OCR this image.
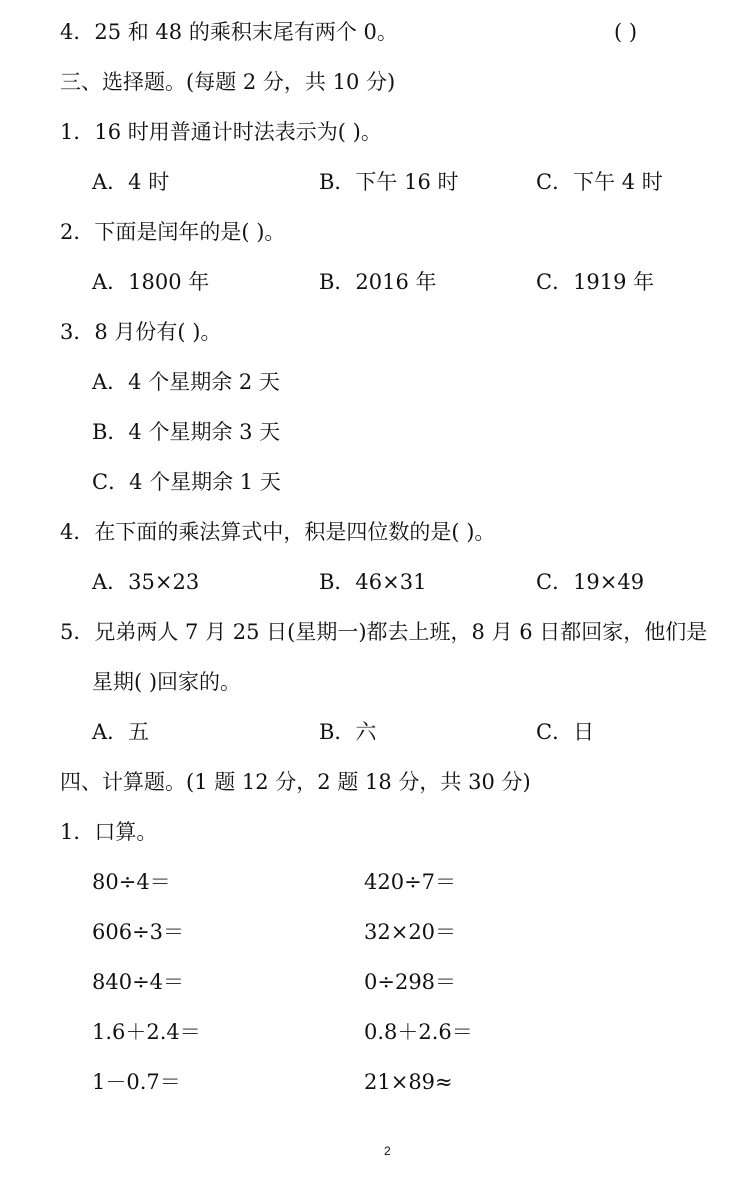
4．25 和 48 的乘积末尾有两个 0。	( )
三、选择题。(每题 2 分，共 10 分)
1．16 时用普通计时法表示为( )。
A．4 时	B．下午 16 时	C．下午 4 时
2．下面是闰年的是( )。
A．1800 年	B．2016 年	C．1919 年
3．8 月份有( )。
A．4 个星期余 2 天
B．4 个星期余 3 天
C．4 个星期余 1 天
4．在下面的乘法算式中，积是四位数的是( )。
A．35×23	B．46×31	C．19×49
5．兄弟两人 7 月 25 日(星期一)都去上班，8 月 6 日都回家，他们是
星期( )回家的。
A．五	B．六	C．日
四、计算题。(1 题 12 分，2 题 18 分，共 30 分)
1．口算。
80÷4＝	420÷7＝
606÷3＝	32×20＝
840÷4＝	0÷298＝
1.6＋2.4＝	0.8＋2.6＝
1－0.7＝	21×89≈
2
